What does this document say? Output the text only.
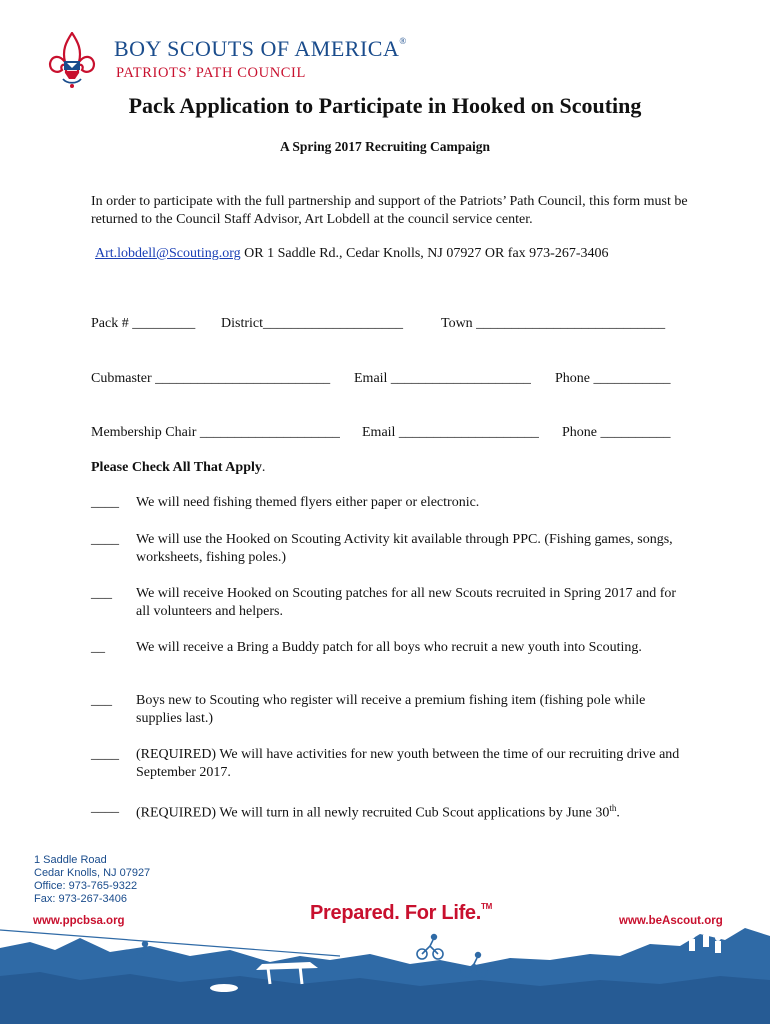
BOY SCOUTS OF AMERICA®
PATRIOTS’ PATH COUNCIL
Pack Application to Participate in Hooked on Scouting
A Spring 2017 Recruiting Campaign
In order to participate with the full partnership and support of the Patriots’ Path Council, this form must be returned to the Council Staff Advisor, Art Lobdell at the council service center.
Art.lobdell@Scouting.org OR 1 Saddle Rd., Cedar Knolls, NJ 07927 OR fax 973-267-3406
Pack # _________ District____________________	Town ___________________________
Cubmaster _________________________ Email ____________________ Phone ___________
Membership Chair ____________________ Email ____________________ Phone __________
Please Check All That Apply.
____ We will need fishing themed flyers either paper or electronic.
____ We will use the Hooked on Scouting Activity kit available through PPC. (Fishing games, songs, worksheets, fishing poles.)
___ We will receive Hooked on Scouting patches for all new Scouts recruited in Spring 2017 and for all volunteers and helpers.
__ We will receive a Bring a Buddy patch for all boys who recruit a new youth into Scouting.
___ Boys new to Scouting who register will receive a premium fishing item (fishing pole while supplies last.)
____ (REQUIRED) We will have activities for new youth between the time of our recruiting drive and September 2017.
____ (REQUIRED) We will turn in all newly recruited Cub Scout applications by June 30th.
1 Saddle Road
Cedar Knolls, NJ 07927
Office: 973-765-9322
Fax: 973-267-3406
www.ppcbsa.org	Prepared. For Life.™
www.beAscout.org
